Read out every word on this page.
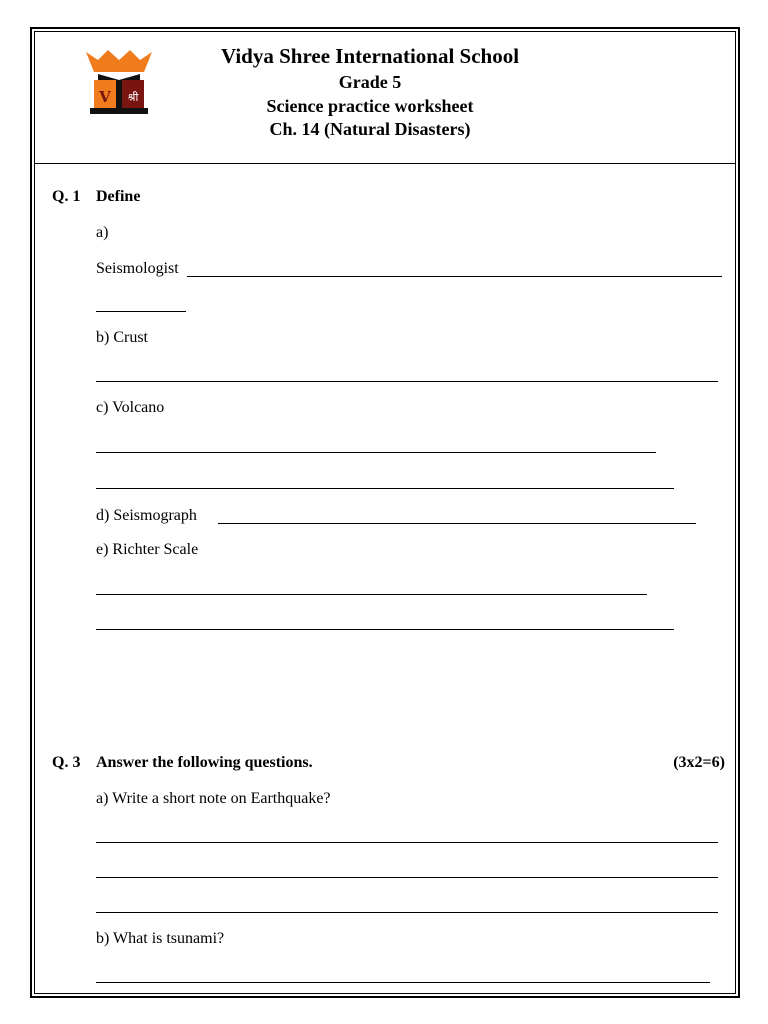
V श्री
Vidya Shree International School
Grade 5
Science practice worksheet
Ch. 14 (Natural Disasters)
Q. 1 Define
a)
Seismologist
b) Crust
c) Volcano
d) Seismograph
e) Richter Scale
Q. 3 Answer the following questions.	(3x2=6)
a) Write a short note on Earthquake?
b) What is tsunami?
